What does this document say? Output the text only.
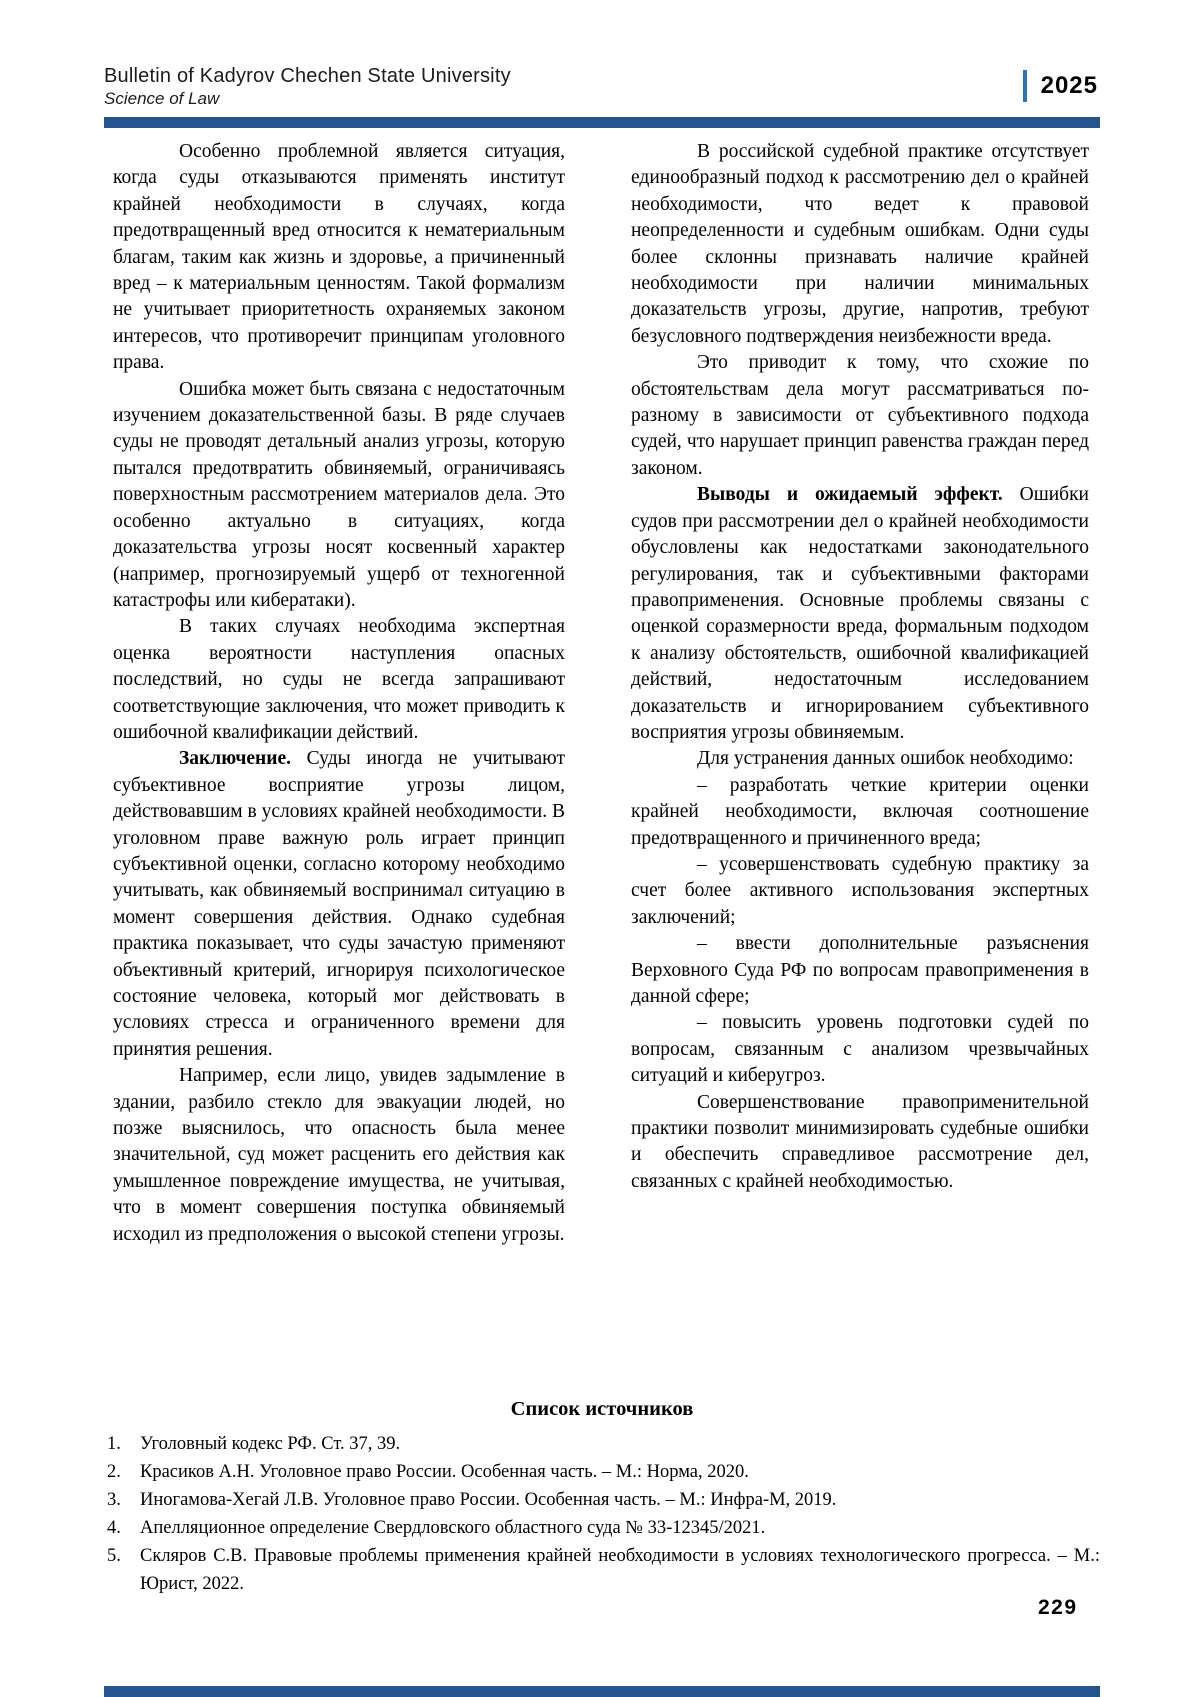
Bulletin of Kadyrov Chechen State University
Science of Law	2025

Особенно проблемной является ситуация, когда суды отказываются применять институт крайней необходимости в случаях, когда предотвращенный вред относится к нематериальным благам, таким как жизнь и здоровье, а причиненный вред – к материальным ценностям. Такой формализм не учитывает приоритетность охраняемых законом интересов, что противоречит принципам уголовного права.

Ошибка может быть связана с недостаточным изучением доказательственной базы. В ряде случаев суды не проводят детальный анализ угрозы, которую пытался предотвратить обвиняемый, ограничиваясь поверхностным рассмотрением материалов дела. Это особенно актуально в ситуациях, когда доказательства угрозы носят косвенный характер (например, прогнозируемый ущерб от техногенной катастрофы или кибератаки).

В таких случаях необходима экспертная оценка вероятности наступления опасных последствий, но суды не всегда запрашивают соответствующие заключения, что может приводить к ошибочной квалификации действий.

Заключение. Суды иногда не учитывают субъективное восприятие угрозы лицом, действовавшим в условиях крайней необходимости. В уголовном праве важную роль играет принцип субъективной оценки, согласно которому необходимо учитывать, как обвиняемый воспринимал ситуацию в момент совершения действия. Однако судебная практика показывает, что суды зачастую применяют объективный критерий, игнорируя психологическое состояние человека, который мог действовать в условиях стресса и ограниченного времени для принятия решения.

Например, если лицо, увидев задымление в здании, разбило стекло для эвакуации людей, но позже выяснилось, что опасность была менее значительной, суд может расценить его действия как умышленное повреждение имущества, не учитывая, что в момент совершения поступка обвиняемый исходил из предположения о высокой степени угрозы.

В российской судебной практике отсутствует единообразный подход к рассмотрению дел о крайней необходимости, что ведет к правовой неопределенности и судебным ошибкам. Одни суды более склонны признавать наличие крайней необходимости при наличии минимальных доказательств угрозы, другие, напротив, требуют безусловного подтверждения неизбежности вреда.

Это приводит к тому, что схожие по обстоятельствам дела могут рассматриваться по-разному в зависимости от субъективного подхода судей, что нарушает принцип равенства граждан перед законом.

Выводы и ожидаемый эффект. Ошибки судов при рассмотрении дел о крайней необходимости обусловлены как недостатками законодательного регулирования, так и субъективными факторами правоприменения. Основные проблемы связаны с оценкой соразмерности вреда, формальным подходом к анализу обстоятельств, ошибочной квалификацией действий, недостаточным исследованием доказательств и игнорированием субъективного восприятия угрозы обвиняемым.

Для устранения данных ошибок необходимо:

– разработать четкие критерии оценки крайней необходимости, включая соотношение предотвращенного и причиненного вреда;

– усовершенствовать судебную практику за счет более активного использования экспертных заключений;

– ввести дополнительные разъяснения Верховного Суда РФ по вопросам правоприменения в данной сфере;

– повысить уровень подготовки судей по вопросам, связанным с анализом чрезвычайных ситуаций и киберугроз.

Совершенствование правоприменительной практики позволит минимизировать судебные ошибки и обеспечить справедливое рассмотрение дел, связанных с крайней необходимостью.

Список источников
1. Уголовный кодекс РФ. Ст. 37, 39.
2. Красиков А.Н. Уголовное право России. Особенная часть. – М.: Норма, 2020.
3. Иногамова-Хегай Л.В. Уголовное право России. Особенная часть. – М.: Инфра-М, 2019.
4. Апелляционное определение Свердловского областного суда № 33-12345/2021.
5. Скляров С.В. Правовые проблемы применения крайней необходимости в условиях технологического прогресса. – М.: Юрист, 2022.
229
